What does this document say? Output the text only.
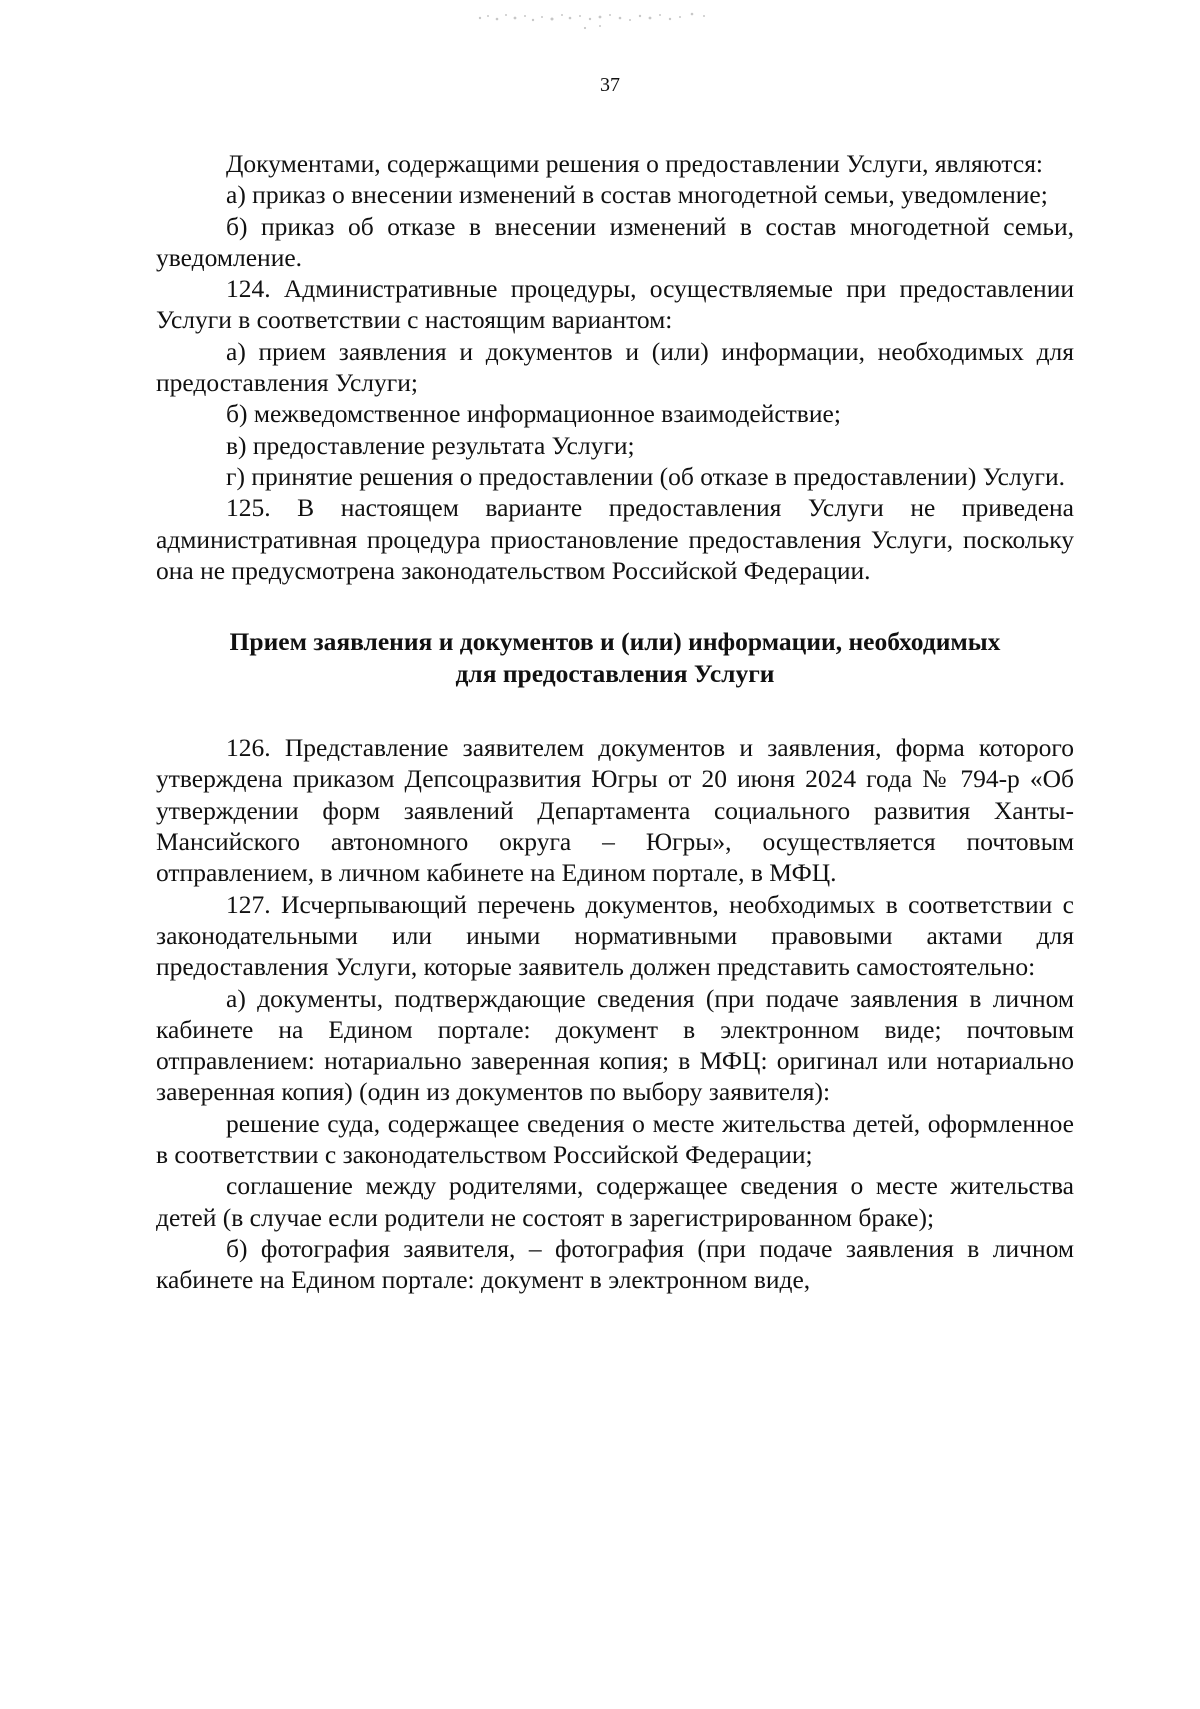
37

Документами, содержащими решения о предоставлении Услуги, являются:

а) приказ о внесении изменений в состав многодетной семьи, уведомление;

б) приказ об отказе в внесении изменений в состав многодетной семьи, уведомление.

124. Административные процедуры, осуществляемые при предоставлении Услуги в соответствии с настоящим вариантом:

а) прием заявления и документов и (или) информации, необходимых для предоставления Услуги;

б) межведомственное информационное взаимодействие;

в) предоставление результата Услуги;

г) принятие решения о предоставлении (об отказе в предоставлении) Услуги.

125. В настоящем варианте предоставления Услуги не приведена административная процедура приостановление предоставления Услуги, поскольку она не предусмотрена законодательством Российской Федерации.

Прием заявления и документов и (или) информации, необходимых
для предоставления Услуги

126. Представление заявителем документов и заявления, форма которого утверждена приказом Депсоцразвития Югры от 20 июня 2024 года № 794-р «Об утверждении форм заявлений Департамента социального развития Ханты-Мансийского автономного округа – Югры», осуществляется почтовым отправлением, в личном кабинете на Едином портале, в МФЦ.

127. Исчерпывающий перечень документов, необходимых в соответствии с законодательными или иными нормативными правовыми актами для предоставления Услуги, которые заявитель должен представить самостоятельно:

а) документы, подтверждающие сведения (при подаче заявления в личном кабинете на Едином портале: документ в электронном виде; почтовым отправлением: нотариально заверенная копия; в МФЦ: оригинал или нотариально заверенная копия) (один из документов по выбору заявителя):

решение суда, содержащее сведения о месте жительства детей, оформленное в соответствии с законодательством Российской Федерации;

соглашение между родителями, содержащее сведения о месте жительства детей (в случае если родители не состоят в зарегистрированном браке);

б) фотография заявителя, – фотография (при подаче заявления в личном кабинете на Едином портале: документ в электронном виде,
